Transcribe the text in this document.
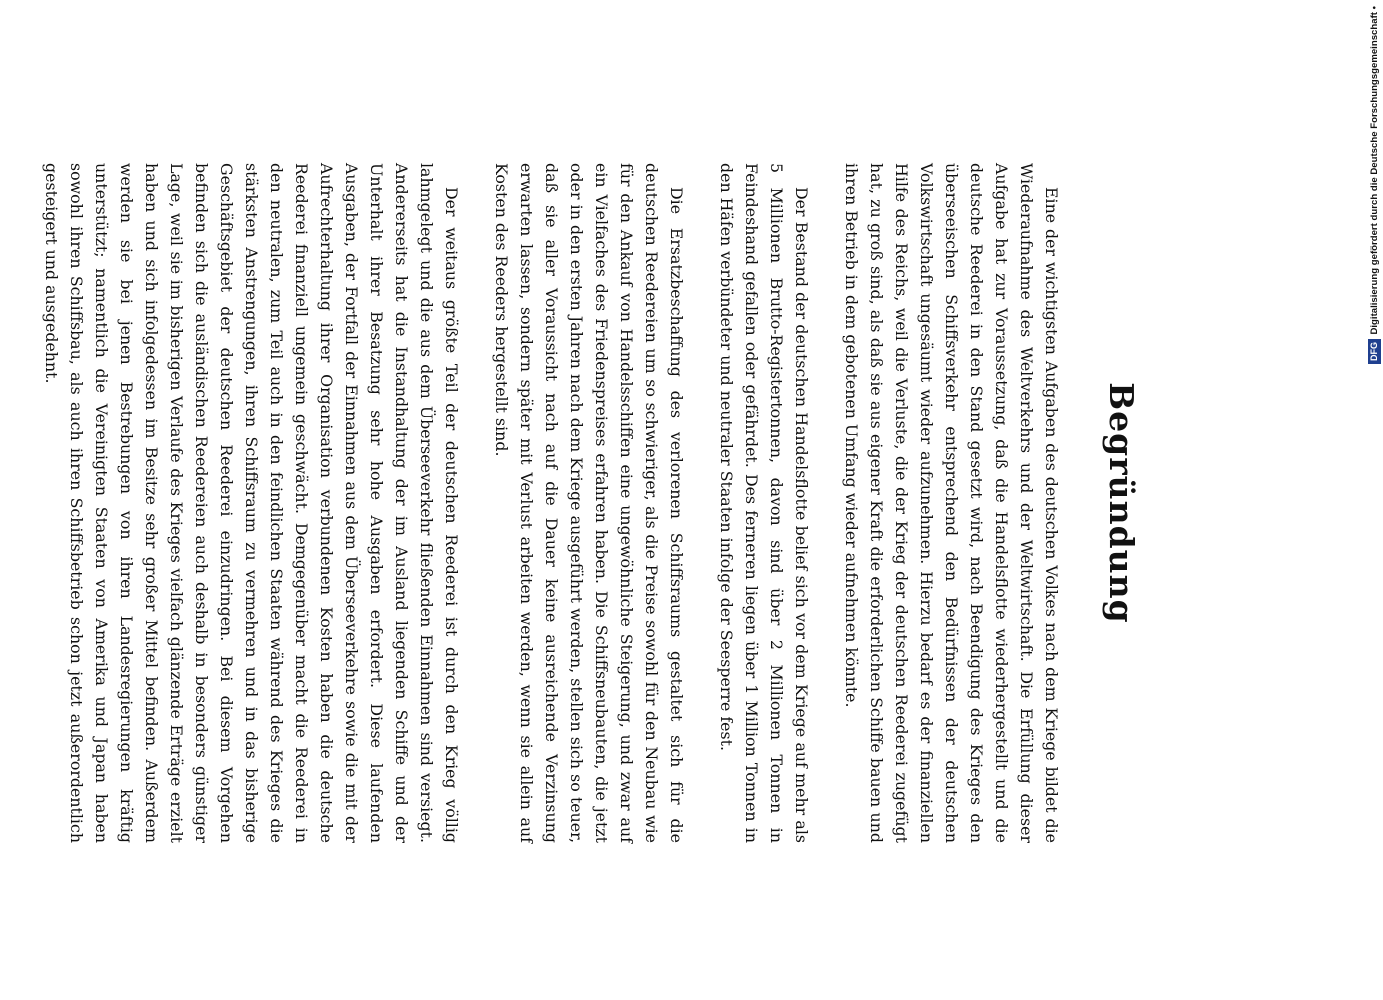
Begründung

Eine der wichtigsten Aufgaben des deutschen Volkes nach dem Kriege bildet die Wiederaufnahme des Weltverkehrs und der Weltwirtschaft. Die Erfüllung dieser Aufgabe hat zur Voraussetzung, daß die Handelsflotte wiederhergestellt und die deutsche Reederei in den Stand gesetzt wird, nach Beendigung des Krieges den überseeischen Schiffsverkehr entsprechend den Bedürfnissen der deutschen Volkswirtschaft ungesäumt wieder aufzunehmen. Hierzu bedarf es der finanziellen Hilfe des Reichs, weil die Verluste, die der Krieg der deutschen Reederei zugefügt hat, zu groß sind, als daß sie aus eigener Kraft die erforderlichen Schiffe bauen und ihren Betrieb in dem gebotenen Umfang wieder aufnehmen könnte.

Der Bestand der deutschen Handelsflotte belief sich vor dem Kriege auf mehr als 5 Millionen Brutto-Registertonnen, davon sind über 2 Millionen Tonnen in Feindeshand gefallen oder gefährdet. Des ferneren liegen über 1 Million Tonnen in den Häfen verbündeter und neutraler Staaten infolge der Seesperre fest.

Die Ersatzbeschaffung des verlorenen Schiffsraums gestaltet sich für die deutschen Reedereien um so schwieriger, als die Preise sowohl für den Neubau wie für den Ankauf von Handelsschiffen eine ungewöhnliche Steigerung, und zwar auf ein Vielfaches des Friedenspreises erfahren haben. Die Schiffsneubauten, die jetzt oder in den ersten Jahren nach dem Kriege ausgeführt werden, stellen sich so teuer, daß sie aller Voraussicht nach auf die Dauer keine ausreichende Verzinsung erwarten lassen, sondern später mit Verlust arbeiten werden, wenn sie allein auf Kosten des Reeders hergestellt sind.

Der weitaus größte Teil der deutschen Reederei ist durch den Krieg völlig lahmgelegt und die aus dem Überseeverkehr fließenden Einnahmen sind versiegt. Andererseits hat die Instandhaltung der im Ausland liegenden Schiffe und der Unterhalt ihrer Besatzung sehr hohe Ausgaben erfordert. Diese laufenden Ausgaben, der Fortfall der Einnahmen aus dem Überseeverkehre sowie die mit der Aufrechterhaltung ihrer Organisation verbundenen Kosten haben die deutsche Reederei finanziell ungemein geschwächt. Demgegenüber macht die Reederei in den neutralen, zum Teil auch in den feindlichen Staaten während des Krieges die stärksten Anstrengungen, ihren Schiffsraum zu vermehren und in das bisherige Geschäftsgebiet der deutschen Reederei einzudringen. Bei diesem Vorgehen befinden sich die ausländischen Reedereien auch deshalb in besonders günstiger Lage, weil sie im bisherigen Verlaufe des Krieges vielfach glänzende Erträge erzielt haben und sich infolgedessen im Besitze sehr großer Mittel befinden. Außerdem werden sie bei jenen Bestrebungen von ihren Landesregierungen kräftig unterstützt; namentlich die Vereinigten Staaten von Amerika und Japan haben sowohl ihren Schiffsbau, als auch ihren Schiffsbetrieb schon jetzt außerordentlich gesteigert und ausgedehnt.	DFG
Digitalisierung gefördert durch die Deutsche Forschungsgemeinschaft •
